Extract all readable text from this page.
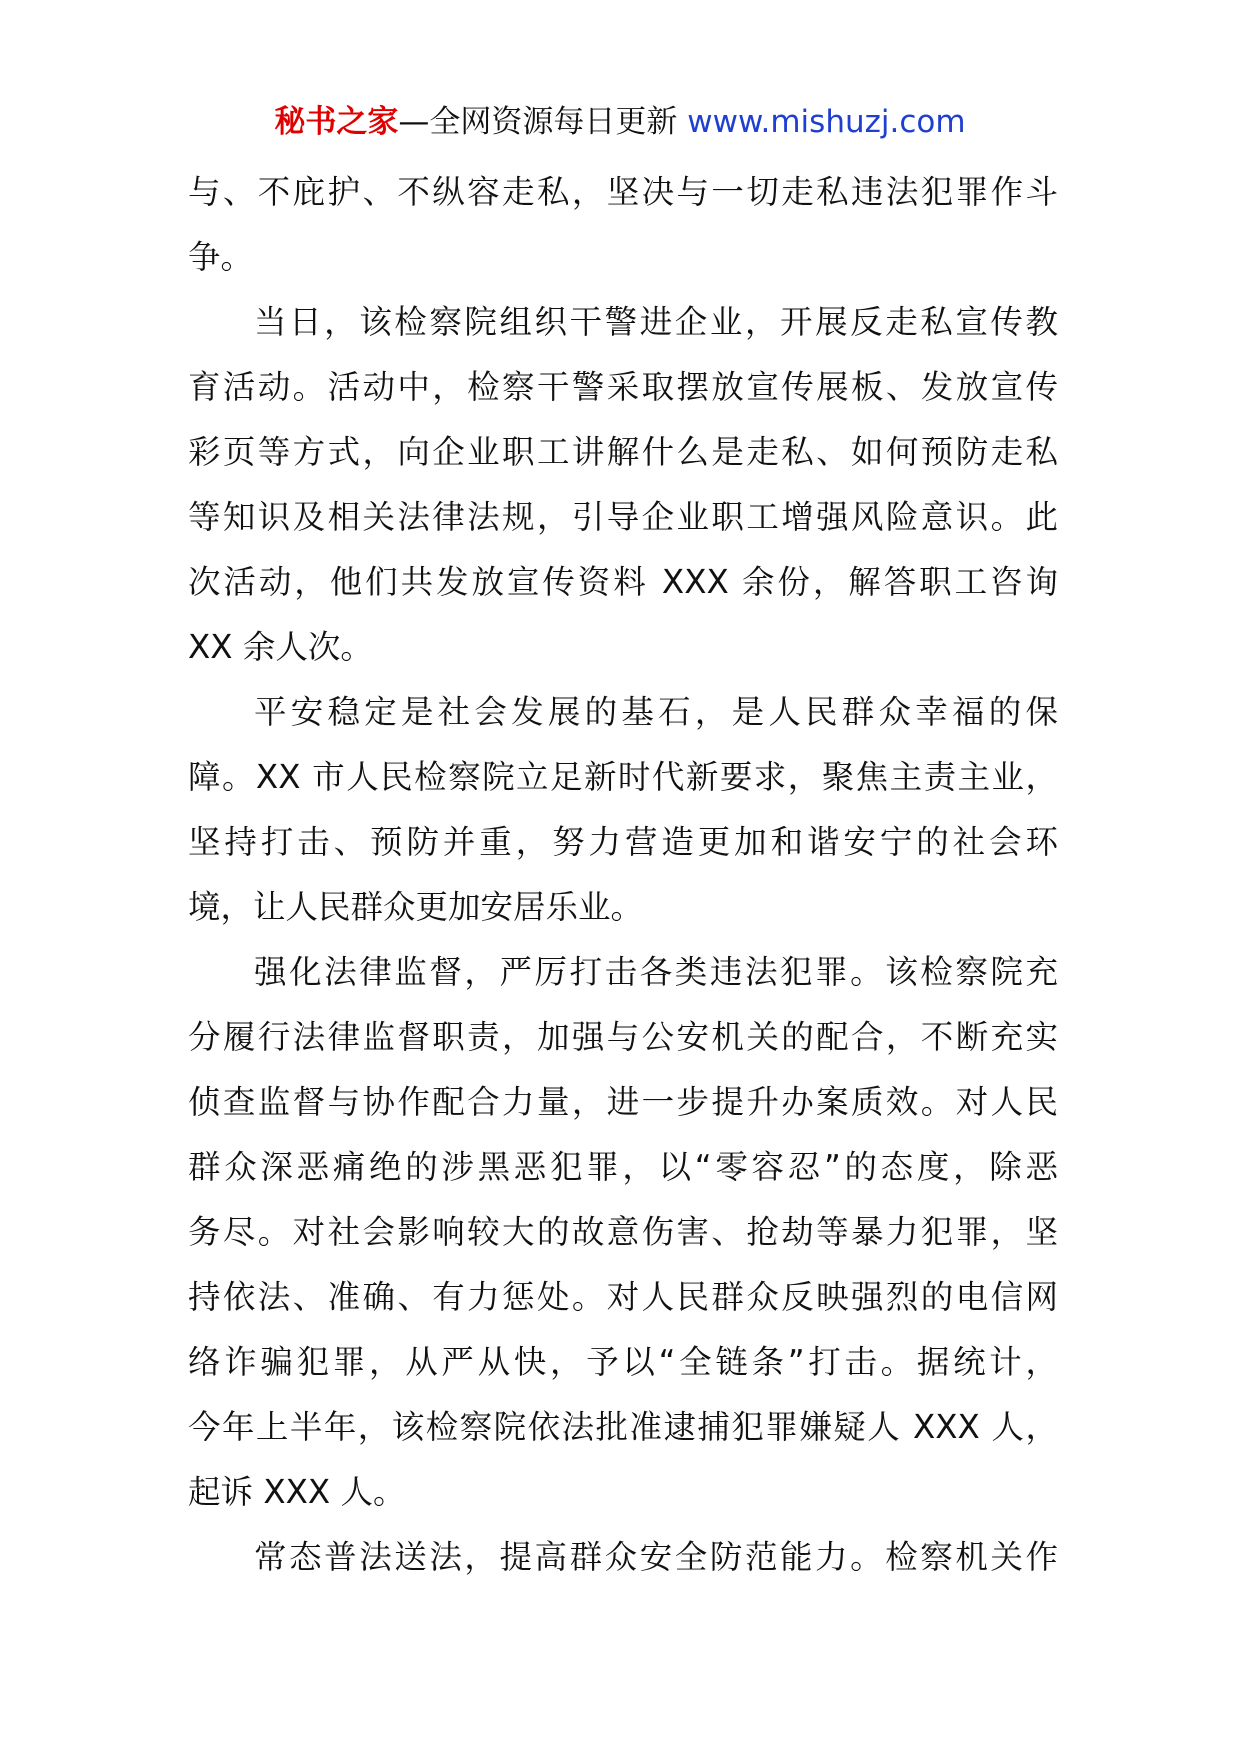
秘书之家—全网资源每日更新 www.mishuzj.com
与、不庇护、不纵容走私，坚决与一切走私违法犯罪作斗
争。
当日，该检察院组织干警进企业，开展反走私宣传教
育活动。活动中，检察干警采取摆放宣传展板、发放宣传
彩页等方式，向企业职工讲解什么是走私、如何预防走私
等知识及相关法律法规，引导企业职工增强风险意识。此
次活动，他们共发放宣传资料 XXX 余份，解答职工咨询
XX 余人次。
平安稳定是社会发展的基石，是人民群众幸福的保
障。XX 市人民检察院立足新时代新要求，聚焦主责主业，
坚持打击、预防并重，努力营造更加和谐安宁的社会环
境，让人民群众更加安居乐业。
强化法律监督，严厉打击各类违法犯罪。该检察院充
分履行法律监督职责，加强与公安机关的配合，不断充实
侦查监督与协作配合力量，进一步提升办案质效。对人民
群众深恶痛绝的涉黑恶犯罪，以“零容忍”的态度，除恶
务尽。对社会影响较大的故意伤害、抢劫等暴力犯罪，坚
持依法、准确、有力惩处。对人民群众反映强烈的电信网
络诈骗犯罪，从严从快，予以“全链条”打击。据统计，
今年上半年，该检察院依法批准逮捕犯罪嫌疑人 XXX 人，
起诉 XXX 人。
常态普法送法，提高群众安全防范能力。检察机关作
